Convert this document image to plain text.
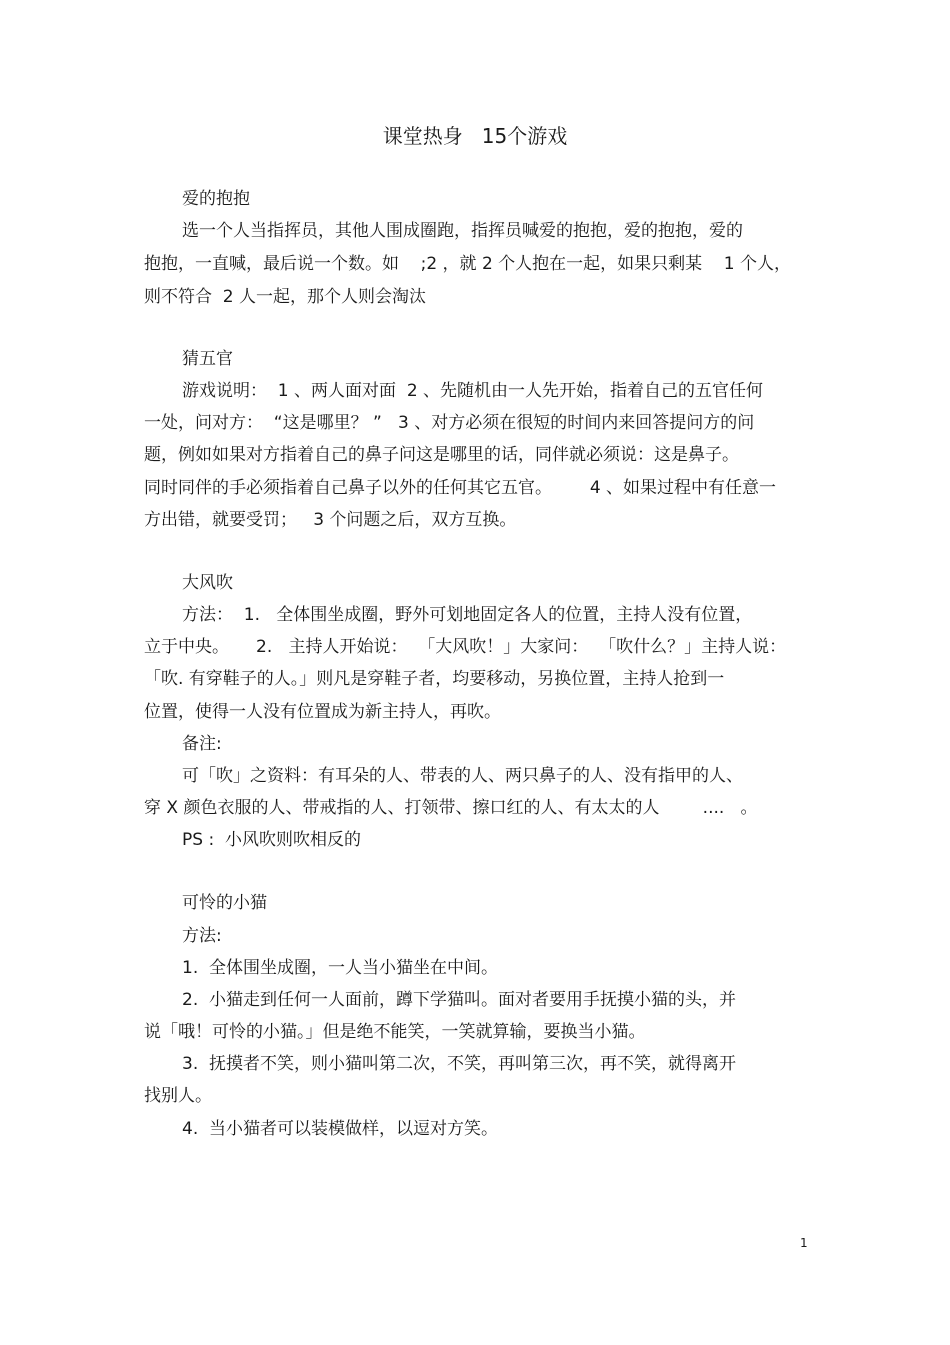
课堂热身   15个游戏

爱的抱抱

选一个人当指挥员，其他人围成圈跑，指挥员喊爱的抱抱，爱的抱抱，爱的

抱抱，一直喊，最后说一个数。如    ;2 ，就 2 个人抱在一起，如果只剩某    1 个人，

则不符合  2 人一起，那个人则会淘汰

猜五官

游戏说明：  1 、两人面对面  2 、先随机由一人先开始，指着自己的五官任何

一处，问对方：  “这是哪里？ ”   3 、对方必须在很短的时间内来回答提问方的问

题，例如如果对方指着自己的鼻子问这是哪里的话，同伴就必须说：这是鼻子。

同时同伴的手必须指着自己鼻子以外的任何其它五官。       4 、如果过程中有任意一

方出错，就要受罚；   3 个问题之后，双方互换。

大风吹

方法：  1.   全体围坐成圈，野外可划地固定各人的位置，主持人没有位置，

立于中央。     2.   主持人开始说：  「大风吹！」大家问：  「吹什么？」主持人说：

「吹. 有穿鞋子的人。」则凡是穿鞋子者，均要移动，另换位置，主持人抢到一

位置，使得一人没有位置成为新主持人，再吹。

备注:

可「吹」之资料：有耳朵的人、带表的人、两只鼻子的人、没有指甲的人、

穿 X 颜色衣服的人、带戒指的人、打领带、擦口红的人、有太太的人        ....   。

PS :  小风吹则吹相反的

可怜的小猫

方法:

1.  全体围坐成圈，一人当小猫坐在中间。

2.  小猫走到任何一人面前，蹲下学猫叫。面对者要用手抚摸小猫的头，并

说「哦！可怜的小猫。」但是绝不能笑，一笑就算输，要换当小猫。

3.  抚摸者不笑，则小猫叫第二次，不笑，再叫第三次，再不笑，就得离开

找别人。

4.  当小猫者可以装模做样，以逗对方笑。

1
